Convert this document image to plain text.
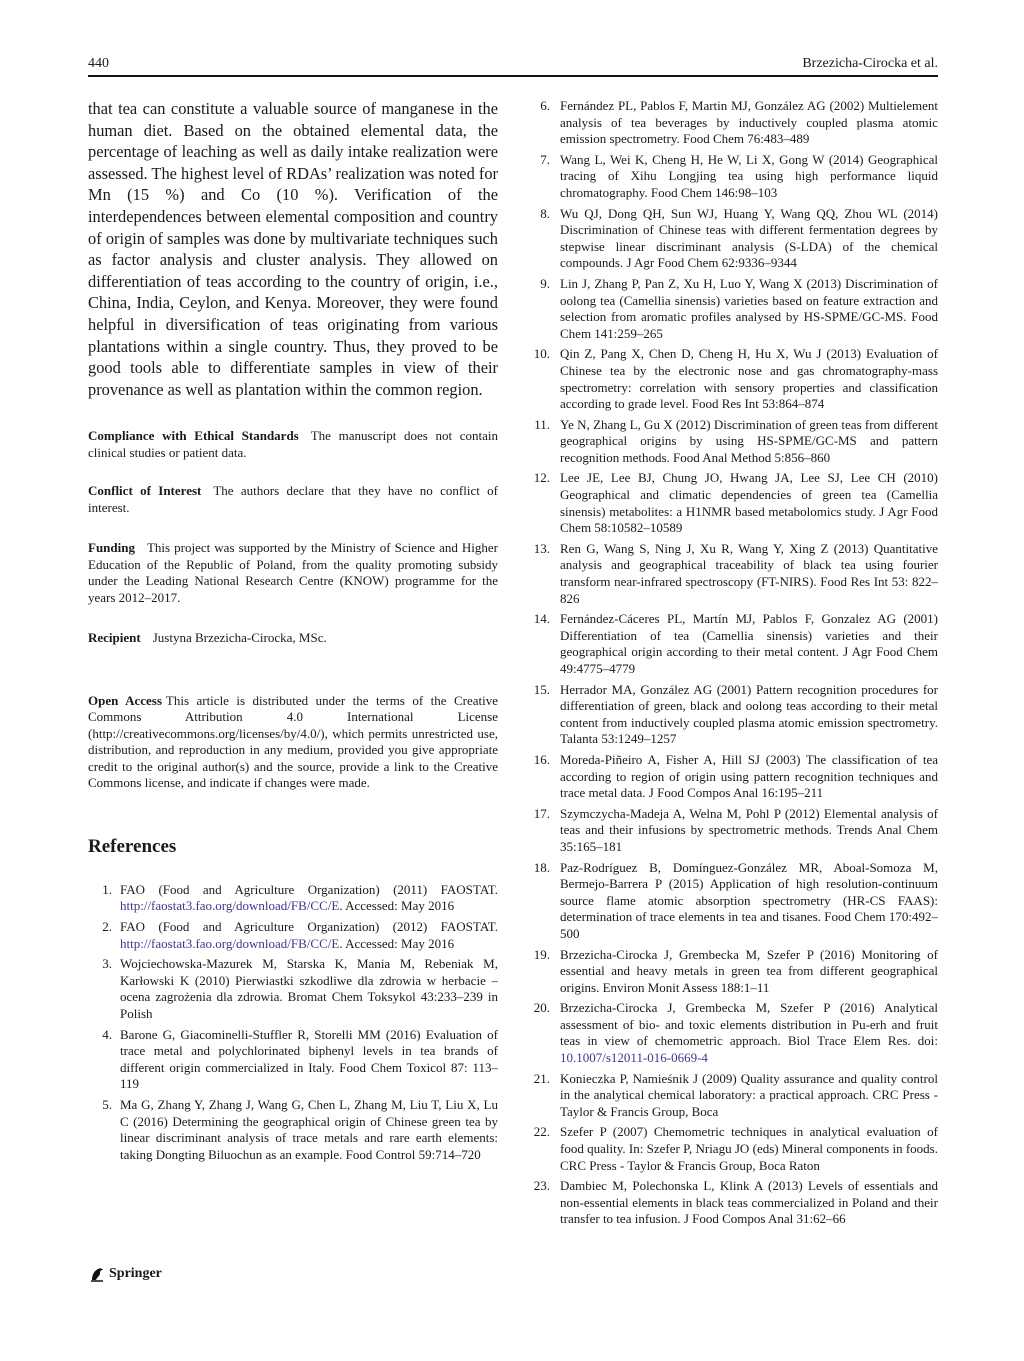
440	Brzezicha-Cirocka et al.

that tea can constitute a valuable source of manganese in the human diet. Based on the obtained elemental data, the percentage of leaching as well as daily intake realization were assessed. The highest level of RDAs’ realization was noted for Mn (15 %) and Co (10 %). Verification of the interdependences between elemental composition and country of origin of samples was done by multivariate techniques such as factor analysis and cluster analysis. They allowed on differentiation of teas according to the country of origin, i.e., China, India, Ceylon, and Kenya. Moreover, they were found helpful in diversification of teas originating from various plantations within a single country. Thus, they proved to be good tools able to differentiate samples in view of their provenance as well as plantation within the common region.

Compliance with Ethical Standards The manuscript does not contain clinical studies or patient data.

Conflict of Interest The authors declare that they have no conflict of interest.

Funding This project was supported by the Ministry of Science and Higher Education of the Republic of Poland, from the quality promoting subsidy under the Leading National Research Centre (KNOW) programme for the years 2012–2017.

Recipient Justyna Brzezicha-Cirocka, MSc.

Open Access This article is distributed under the terms of the Creative Commons Attribution 4.0 International License (http://creativecommons.org/licenses/by/4.0/), which permits unrestricted use, distribution, and reproduction in any medium, provided you give appropriate credit to the original author(s) and the source, provide a link to the Creative Commons license, and indicate if changes were made.

References
1. FAO (Food and Agriculture Organization) (2011) FAOSTAT. http://faostat3.fao.org/download/FB/CC/E. Accessed: May 2016
2. FAO (Food and Agriculture Organization) (2012) FAOSTAT. http://faostat3.fao.org/download/FB/CC/E. Accessed: May 2016
3. Wojciechowska-Mazurek M, Starska K, Mania M, Rebeniak M, Karłowski K (2010) Pierwiastki szkodliwe dla zdrowia w herbacie – ocena zagrożenia dla zdrowia. Bromat Chem Toksykol 43:233–239 in Polish
4. Barone G, Giacominelli-Stuffler R, Storelli MM (2016) Evaluation of trace metal and polychlorinated biphenyl levels in tea brands of different origin commercialized in Italy. Food Chem Toxicol 87: 113–119
5. Ma G, Zhang Y, Zhang J, Wang G, Chen L, Zhang M, Liu T, Liu X, Lu C (2016) Determining the geographical origin of Chinese green tea by linear discriminant analysis of trace metals and rare earth elements: taking Dongting Biluochun as an example. Food Control 59:714–720
6. Fernández PL, Pablos F, Martin MJ, González AG (2002) Multielement analysis of tea beverages by inductively coupled plasma atomic emission spectrometry. Food Chem 76:483–489
7. Wang L, Wei K, Cheng H, He W, Li X, Gong W (2014) Geographical tracing of Xihu Longjing tea using high performance liquid chromatography. Food Chem 146:98–103
8. Wu QJ, Dong QH, Sun WJ, Huang Y, Wang QQ, Zhou WL (2014) Discrimination of Chinese teas with different fermentation degrees by stepwise linear discriminant analysis (S-LDA) of the chemical compounds. J Agr Food Chem 62:9336–9344
9. Lin J, Zhang P, Pan Z, Xu H, Luo Y, Wang X (2013) Discrimination of oolong tea (Camellia sinensis) varieties based on feature extraction and selection from aromatic profiles analysed by HS-SPME/GC-MS. Food Chem 141:259–265
10. Qin Z, Pang X, Chen D, Cheng H, Hu X, Wu J (2013) Evaluation of Chinese tea by the electronic nose and gas chromatography-mass spectrometry: correlation with sensory properties and classification according to grade level. Food Res Int 53:864–874
11. Ye N, Zhang L, Gu X (2012) Discrimination of green teas from different geographical origins by using HS-SPME/GC-MS and pattern recognition methods. Food Anal Method 5:856–860
12. Lee JE, Lee BJ, Chung JO, Hwang JA, Lee SJ, Lee CH (2010) Geographical and climatic dependencies of green tea (Camellia sinensis) metabolites: a H1NMR based metabolomics study. J Agr Food Chem 58:10582–10589
13. Ren G, Wang S, Ning J, Xu R, Wang Y, Xing Z (2013) Quantitative analysis and geographical traceability of black tea using fourier transform near-infrared spectroscopy (FT-NIRS). Food Res Int 53: 822–826
14. Fernández-Cáceres PL, Martín MJ, Pablos F, Gonzalez AG (2001) Differentiation of tea (Camellia sinensis) varieties and their geographical origin according to their metal content. J Agr Food Chem 49:4775–4779
15. Herrador MA, González AG (2001) Pattern recognition procedures for differentiation of green, black and oolong teas according to their metal content from inductively coupled plasma atomic emission spectrometry. Talanta 53:1249–1257
16. Moreda-Piñeiro A, Fisher A, Hill SJ (2003) The classification of tea according to region of origin using pattern recognition techniques and trace metal data. J Food Compos Anal 16:195–211
17. Szymczycha-Madeja A, Welna M, Pohl P (2012) Elemental analysis of teas and their infusions by spectrometric methods. Trends Anal Chem 35:165–181
18. Paz-Rodríguez B, Domínguez-González MR, Aboal-Somoza M, Bermejo-Barrera P (2015) Application of high resolution-continuum source flame atomic absorption spectrometry (HR-CS FAAS): determination of trace elements in tea and tisanes. Food Chem 170:492–500
19. Brzezicha-Cirocka J, Grembecka M, Szefer P (2016) Monitoring of essential and heavy metals in green tea from different geographical origins. Environ Monit Assess 188:1–11
20. Brzezicha-Cirocka J, Grembecka M, Szefer P (2016) Analytical assessment of bio- and toxic elements distribution in Pu-erh and fruit teas in view of chemometric approach. Biol Trace Elem Res. doi: 10.1007/s12011-016-0669-4
21. Konieczka P, Namieśnik J (2009) Quality assurance and quality control in the analytical chemical laboratory: a practical approach. CRC Press - Taylor & Francis Group, Boca
22. Szefer P (2007) Chemometric techniques in analytical evaluation of food quality. In: Szefer P, Nriagu JO (eds) Mineral components in foods. CRC Press - Taylor & Francis Group, Boca Raton
23. Dambiec M, Polechonska L, Klink A (2013) Levels of essentials and non-essential elements in black teas commercialized in Poland and their transfer to tea infusion. J Food Compos Anal 31:62–66
Springer
